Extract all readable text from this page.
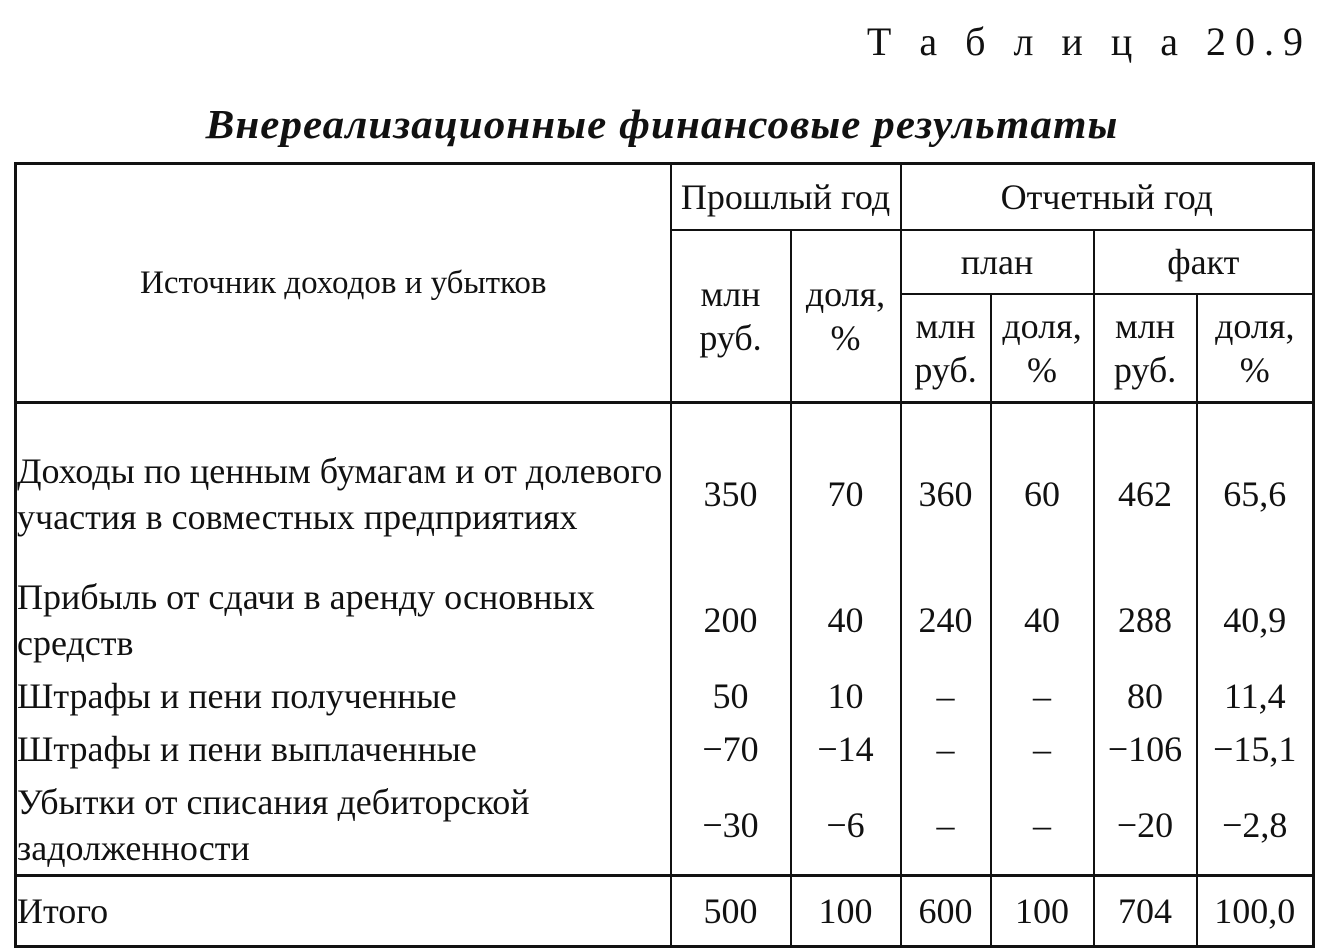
Т а б л и ц а 20.9
Внереализационные финансовые результаты
Источник доходов и убытков	Прошлый год		Отчетный год			
	млн руб.	доля, %	план		факт	
			млн руб.	доля, %	млн руб.	доля, %
Доходы по ценным бумагам и от долевого участия в совместных предприятиях	350	70	360	60	462	65,6
Прибыль от сдачи в аренду основных средств	200	40	240	40	288	40,9
Штрафы и пени полученные	50	10	–	–	80	11,4
Штрафы и пени выплаченные	−70	−14	–	–	−106	−15,1
Убытки от списания дебиторской задолженности	−30	−6	–	–	−20	−2,8
Итого	500	100	600	100	704	100,0
